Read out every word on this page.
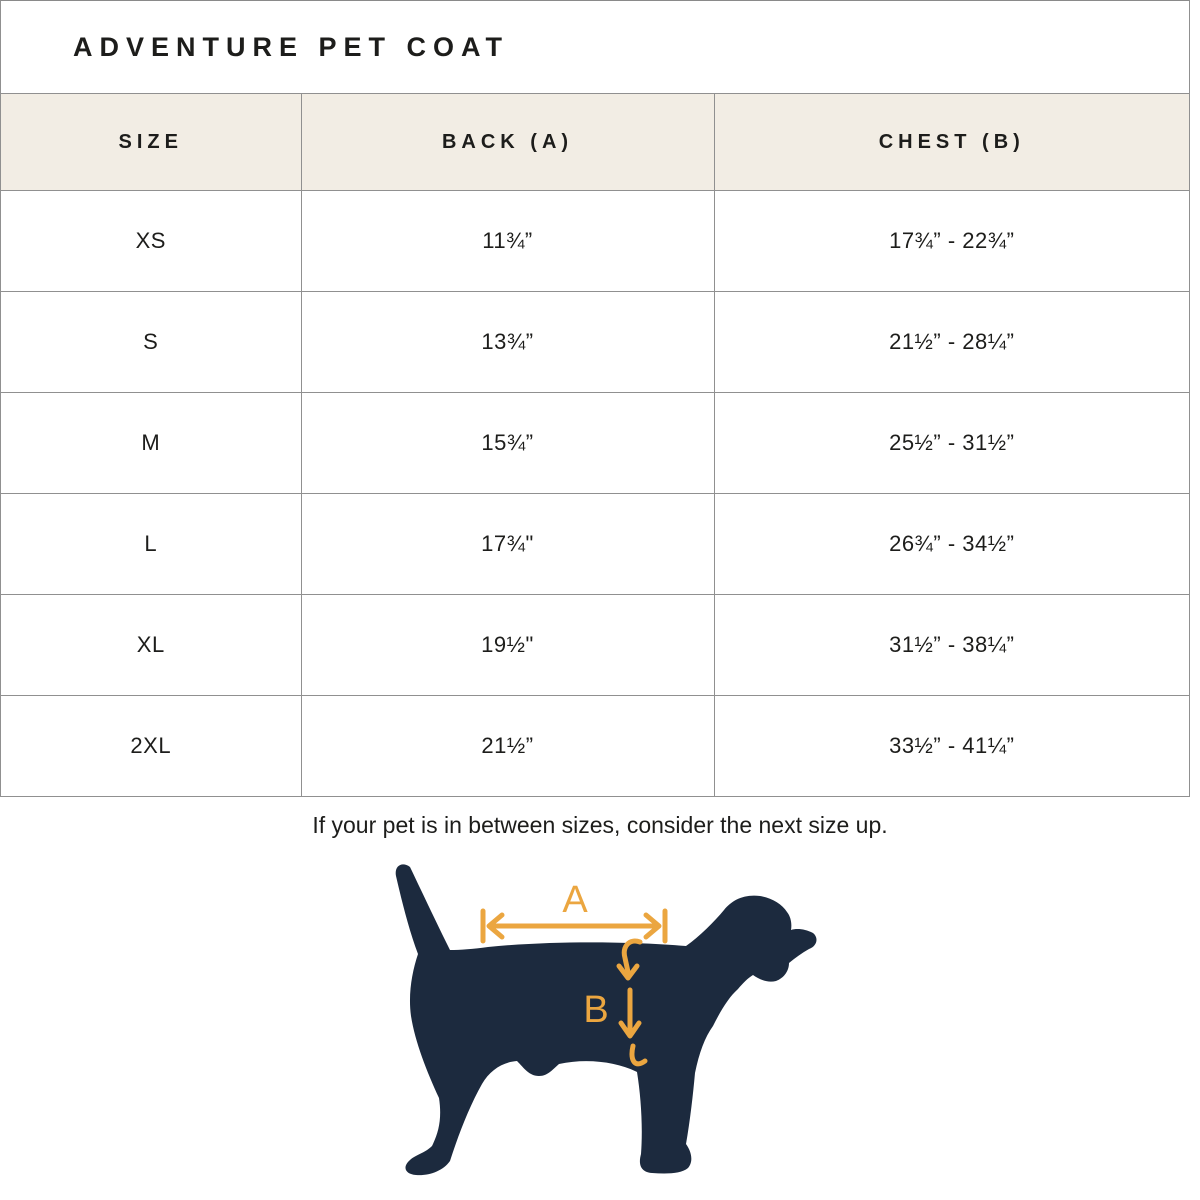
ADVENTURE PET COAT
SIZE	BACK (A)	CHEST (B)
XS	11¾”	17¾” - 22¾”
S	13¾”	21½” - 28¼”
M	15¾”	25½” - 31½”
L	17¾"	26¾” - 34½”
XL	19½"	31½” - 38¼”
2XL	21½”	33½” - 41¼”
If your pet is in between sizes, consider the next size up.
A
B
